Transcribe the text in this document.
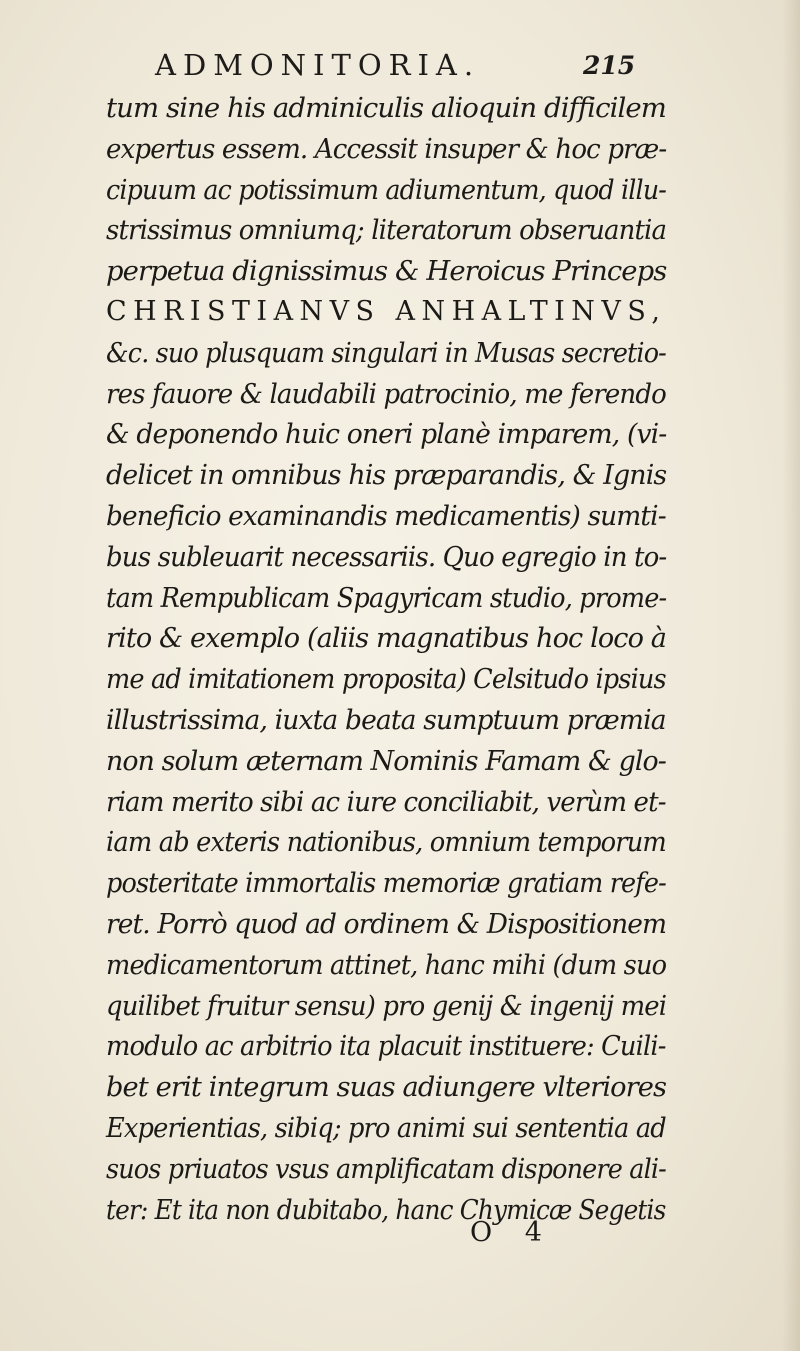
ADMONITORIA.	215
tum sine his adminiculis alioquin difficilem
expertus essem. Accessit insuper & hoc præ-
cipuum ac potissimum adiumentum, quod illu-
strissimus omniumq; literatorum obseruantia
perpetua dignissimus & Heroicus Princeps
CHRISTIANVS ANHALTINVS,
&c. suo plusquam singulari in Musas secretio-
res fauore & laudabili patrocinio, me ferendo
& deponendo huic oneri planè imparem, (vi-
delicet in omnibus his præparandis, & Ignis
beneficio examinandis medicamentis) sumti-
bus subleuarit necessariis. Quo egregio in to-
tam Rempublicam Spagyricam studio, prome-
rito & exemplo (aliis magnatibus hoc loco à
me ad imitationem proposita) Celsitudo ipsius
illustrissima, iuxta beata sumptuum præmia
non solum æternam Nominis Famam & glo-
riam merito sibi ac iure conciliabit, verùm et-
iam ab exteris nationibus, omnium temporum
posteritate immortalis memoriæ gratiam refe-
ret. Porrò quod ad ordinem & Dispositionem
medicamentorum attinet, hanc mihi (dum suo
quilibet fruitur sensu) pro genij & ingenij mei
modulo ac arbitrio ita placuit instituere: Cuili-
bet erit integrum suas adiungere vlteriores
Experientias, sibiq; pro animi sui sententia ad
suos priuatos vsus amplificatam disponere ali-
ter: Et ita non dubitabo, hanc Chymicæ Segetis
O 4
